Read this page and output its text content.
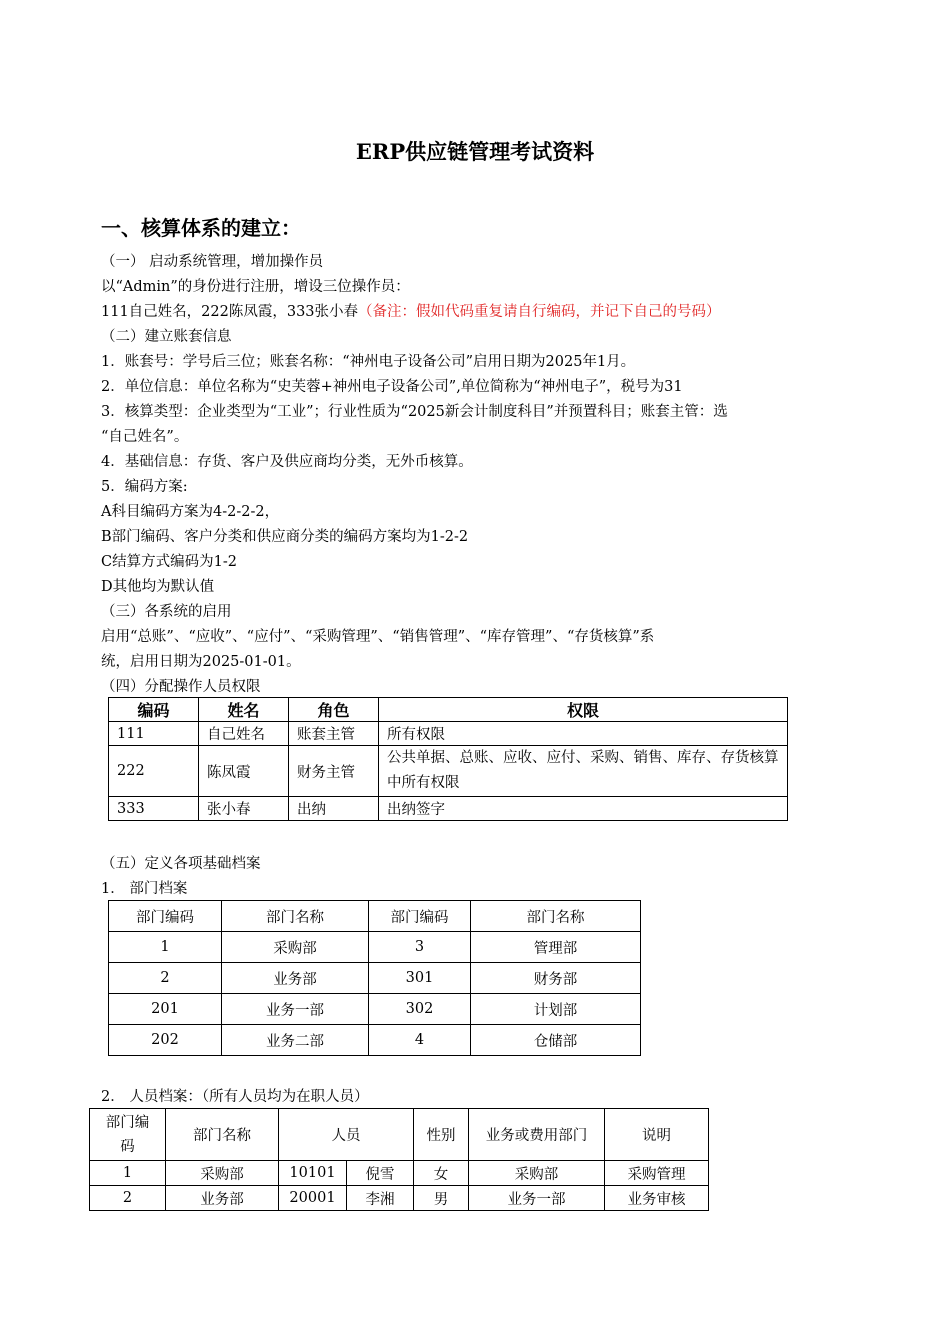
ERP供应链管理考试资料
一、核算体系的建立：
（一） 启动系统管理，增加操作员
以“Admin”的身份进行注册，增设三位操作员：
111自己姓名，222陈凤霞，333张小春（备注：假如代码重复请自行编码，并记下自己的号码）
（二）建立账套信息
1．账套号：学号后三位；账套名称：“神州电子设备公司”启用日期为2025年1月。
2．单位信息：单位名称为“史芙蓉+神州电子设备公司”,单位简称为“神州电子”，税号为31
3．核算类型：企业类型为“工业”；行业性质为“2025新会计制度科目”并预置科目；账套主管：选
“自己姓名”。
4．基础信息：存货、客户及供应商均分类，无外币核算。
5．编码方案:
A科目编码方案为4-2-2-2，
B部门编码、客户分类和供应商分类的编码方案均为1-2-2
C结算方式编码为1-2
D其他均为默认值
（三）各系统的启用
启用“总账”、“应收”、“应付”、“采购管理”、“销售管理”、“库存管理”、“存货核算”系
统，启用日期为2025-01-01。
（四）分配操作人员权限
编码	姓名	角色	权限
111	自己姓名	账套主管	所有权限
222	陈凤霞	财务主管	公共单据、总账、应收、应付、采购、销售、库存、存货核算中所有权限
333	张小春	出纳	出纳签字
（五）定义各项基础档案
1． 部门档案
部门编码	部门名称	部门编码	部门名称
1	采购部	3	管理部
2	业务部	301	财务部
201	业务一部	302	计划部
202	业务二部	4	仓储部
2． 人员档案：（所有人员均为在职人员）
部门编码	部门名称	人员		性别	业务或费用部门	说明
1	采购部	10101	倪雪	女	采购部	采购管理
2	业务部	20001	李湘	男	业务一部	业务审核
